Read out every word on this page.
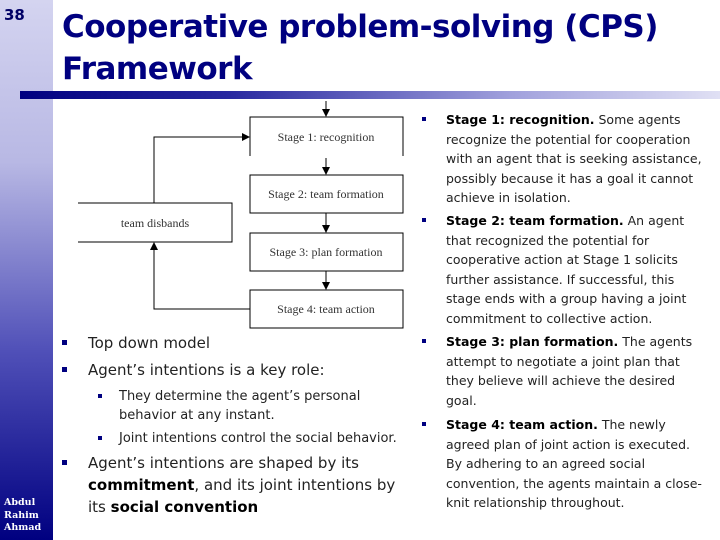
38
Abdul
Rahim
Ahmad
Cooperative problem-solving (CPS)
Framework
Stage 1: recognition
Stage 2: team formation
Stage 3: plan formation
Stage 4: team action
team disbands
Top down model
Agent’s intentions is a key role:
They determine the agent’s personal behavior at any instant.
Joint intentions control the social behavior.
Agent’s intentions are shaped by its commitment, and its joint intentions by its social convention
Stage 1: recognition. Some agents recognize the potential for cooperation with an agent that is seeking assistance, possibly because it has a goal it cannot achieve in isolation.
Stage 2: team formation. An agent that recognized the potential for cooperative action at Stage 1 solicits further assistance. If successful, this stage ends with a group having a joint commitment to collective action.
Stage 3: plan formation. The agents attempt to negotiate a joint plan that they believe will achieve the desired goal.
Stage 4: team action. The newly agreed plan of joint action is executed. By adhering to an agreed social convention, the agents maintain a close-knit relationship throughout.
